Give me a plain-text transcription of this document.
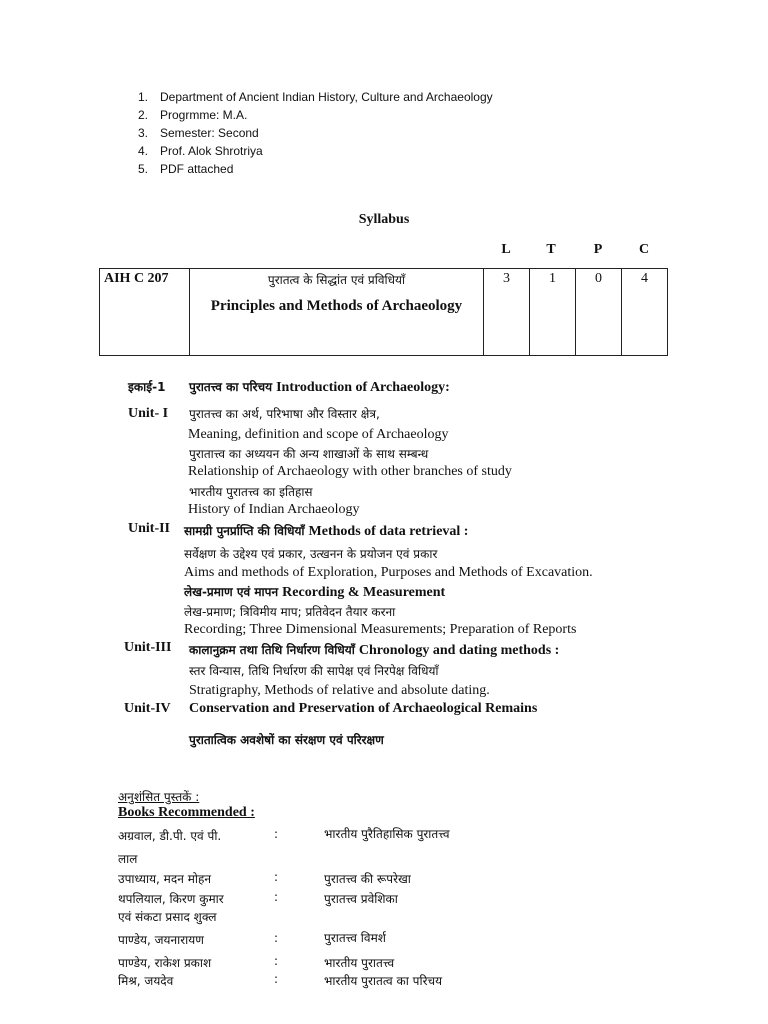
1. Department of Ancient Indian History, Culture and Archaeology
2. Progrmme: M.A.
3. Semester: Second
4. Prof. Alok Shrotriya
5. PDF attached
Syllabus
L	T	P	C
AIH C 207	पुरातत्व के सिद्धांत एवं प्रविधियाँ
Principles and Methods of Archaeology
	3	1	0	4
इकाई-1 पुरातत्त्व का परिचय Introduction of Archaeology:
Unit- I पुरातत्त्व का अर्थ, परिभाषा और विस्तार क्षेत्र,
Meaning, definition and scope of Archaeology
पुरातात्त्व का अध्ययन की अन्य शाखाओं के साथ सम्बन्ध
Relationship of Archaeology with other branches of study
भारतीय पुरातत्त्व का इतिहास
History of Indian Archaeology
Unit-II सामग्री पुनर्प्राप्ति की विधियाँ Methods of data retrieval :
सर्वेक्षण के उद्देश्य एवं प्रकार, उत्खनन के प्रयोजन एवं प्रकार
Aims and methods of Exploration, Purposes and Methods of Excavation.
लेख-प्रमाण एवं मापन Recording & Measurement
लेख-प्रमाण; त्रिविमीय माप; प्रतिवेदन तैयार करना
Recording; Three Dimensional Measurements; Preparation of Reports
Unit-III कालानुक्रम तथा तिथि निर्धारण विधियाँ Chronology and dating methods :
स्तर विन्यास, तिथि निर्धारण की सापेक्ष एवं निरपेक्ष विधियाँ
Stratigraphy, Methods of relative and absolute dating.
Unit-IV Conservation and Preservation of Archaeological Remains
पुरातात्विक अवशेषों का संरक्षण एवं परिरक्षण
अनुशंसित पुस्तकें :
Books Recommended :
अग्रवाल, डी.पी. एवं पी.
लाल
:	भारतीय पुरैतिहासिक पुरातत्त्व
उपाध्याय, मदन मोहन	:	पुरातत्त्व की रूपरेखा
थपलियाल, किरण कुमार
एवं संकटा प्रसाद शुक्ल
:	पुरातत्त्व प्रवेशिका
पाण्डेय, जयनारायण	:	पुरातत्त्व विमर्श
पाण्डेय, राकेश प्रकाश	:	भारतीय पुरातत्त्व
मिश्र, जयदेव	:	भारतीय पुरातत्व का परिचय
